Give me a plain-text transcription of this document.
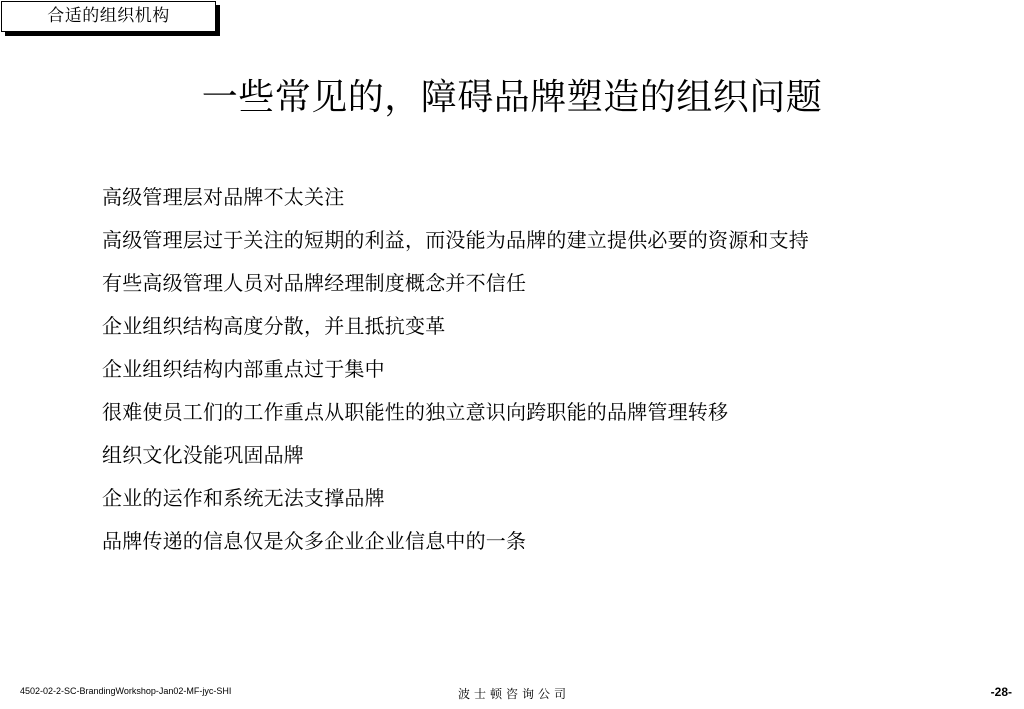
合适的组织机构
一些常见的，障碍品牌塑造的组织问题
高级管理层对品牌不太关注
高级管理层过于关注的短期的利益，而没能为品牌的建立提供必要的资源和支持
有些高级管理人员对品牌经理制度概念并不信任
企业组织结构高度分散，并且抵抗变革
企业组织结构内部重点过于集中
很难使员工们的工作重点从职能性的独立意识向跨职能的品牌管理转移
组织文化没能巩固品牌
企业的运作和系统无法支撑品牌
品牌传递的信息仅是众多企业企业信息中的一条
4502-02-2-SC-BrandingWorkshop-Jan02-MF-jyc-SHI	波士顿咨询公司	-28-
